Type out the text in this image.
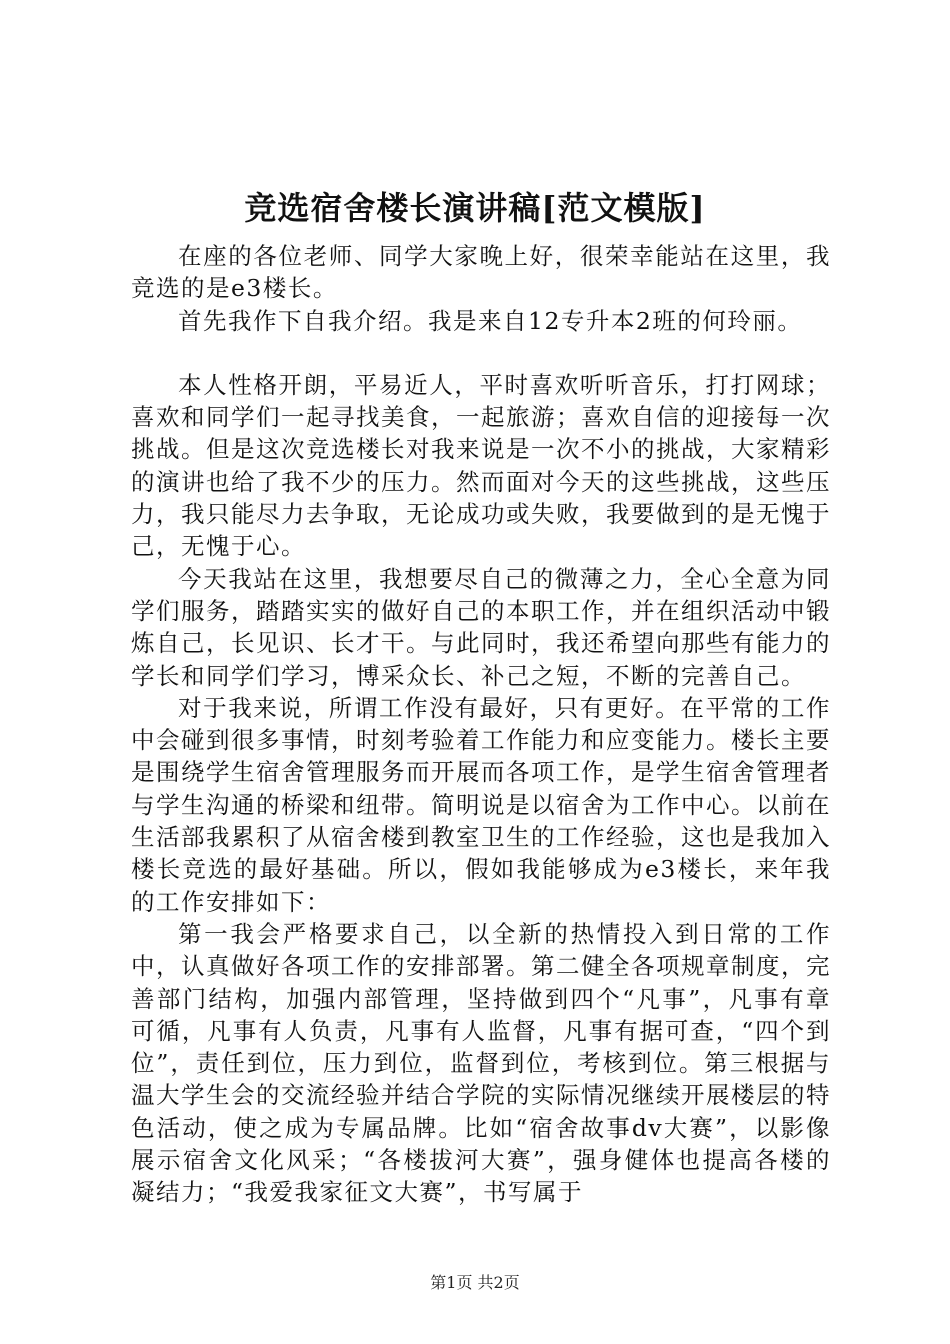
竞选宿舍楼长演讲稿[范文模版]

在座的各位老师、同学大家晚上好，很荣幸能站在这里，我竞选的是e3楼长。

首先我作下自我介绍。我是来自12专升本2班的何玲丽。

本人性格开朗，平易近人，平时喜欢听听音乐，打打网球；喜欢和同学们一起寻找美食，一起旅游；喜欢自信的迎接每一次挑战。但是这次竞选楼长对我来说是一次不小的挑战，大家精彩的演讲也给了我不少的压力。然而面对今天的这些挑战，这些压力，我只能尽力去争取，无论成功或失败，我要做到的是无愧于己，无愧于心。

今天我站在这里，我想要尽自己的微薄之力，全心全意为同学们服务，踏踏实实的做好自己的本职工作，并在组织活动中锻炼自己，长见识、长才干。与此同时，我还希望向那些有能力的学长和同学们学习，博采众长、补己之短，不断的完善自己。

对于我来说，所谓工作没有最好，只有更好。在平常的工作中会碰到很多事情，时刻考验着工作能力和应变能力。楼长主要是围绕学生宿舍管理服务而开展而各项工作，是学生宿舍管理者与学生沟通的桥梁和纽带。简明说是以宿舍为工作中心。以前在生活部我累积了从宿舍楼到教室卫生的工作经验，这也是我加入楼长竞选的最好基础。所以，假如我能够成为e3楼长，来年我的工作安排如下：

第一我会严格要求自己，以全新的热情投入到日常的工作中，认真做好各项工作的安排部署。第二健全各项规章制度，完善部门结构，加强内部管理，坚持做到四个“凡事”，凡事有章可循，凡事有人负责，凡事有人监督，凡事有据可查，“四个到位”，责任到位，压力到位，监督到位，考核到位。第三根据与温大学生会的交流经验并结合学院的实际情况继续开展楼层的特色活动，使之成为专属品牌。比如“宿舍故事dv大赛”，以影像展示宿舍文化风采；“各楼拔河大赛”，强身健体也提高各楼的凝结力；“我爱我家征文大赛”，书写属于

第1页 共2页
